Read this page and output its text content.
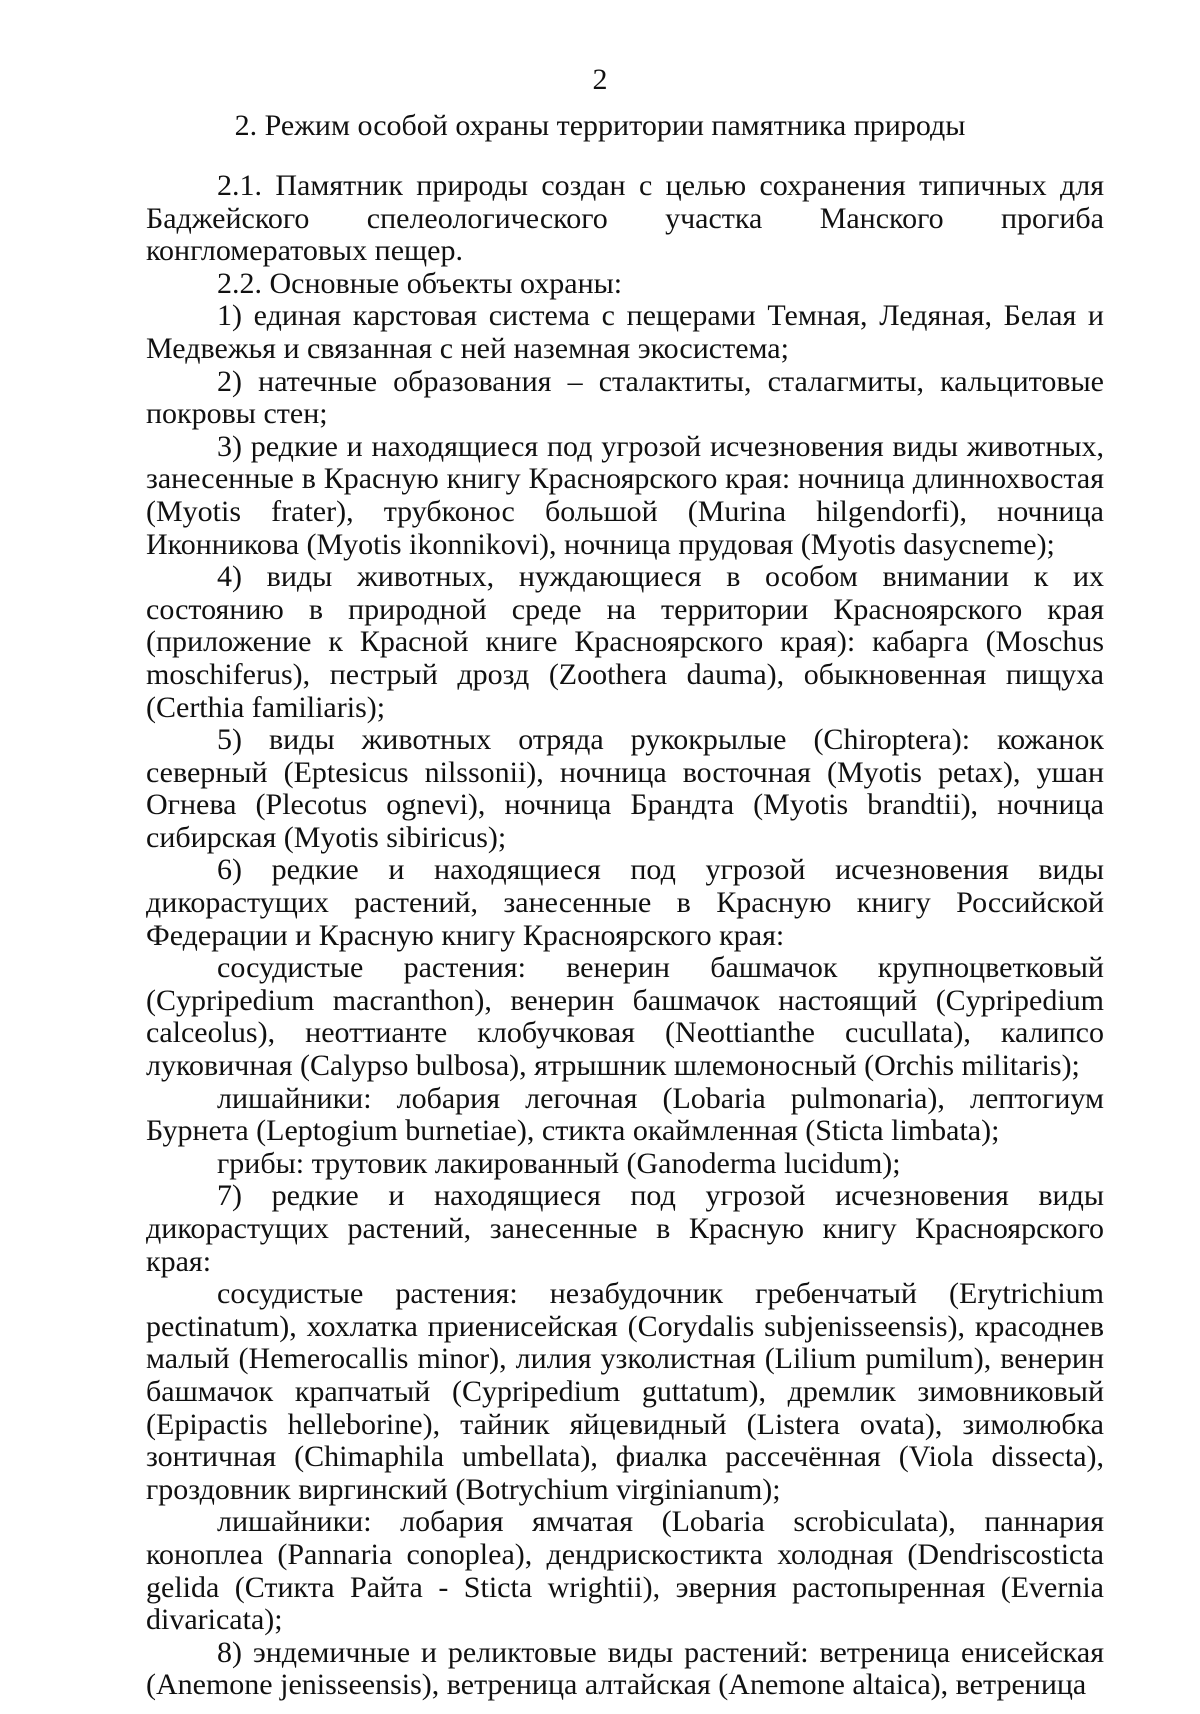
2
2. Режим особой охраны территории памятника природы

2.1. Памятник природы создан с целью сохранения типичных для Баджейского спелеологического участка Манского прогиба конгломератовых пещер.

2.2. Основные объекты охраны:

1) единая карстовая система с пещерами Темная, Ледяная, Белая и Медвежья и связанная с ней наземная экосистема;

2) натечные образования – сталактиты, сталагмиты, кальцитовые покровы стен;

3) редкие и находящиеся под угрозой исчезновения виды животных, занесенные в Красную книгу Красноярского края: ночница длиннохвостая (Myotis frater), трубконос большой (Murina hilgendorfi), ночница Иконникова (Myotis ikonnikovi), ночница прудовая (Myotis dasycneme);

4) виды животных, нуждающиеся в особом внимании к их состоянию в природной среде на территории Красноярского края (приложение к Красной книге Красноярского края): кабарга (Moschus moschiferus), пестрый дрозд (Zoothera dauma), обыкновенная пищуха (Certhia familiaris);

5) виды животных отряда рукокрылые (Chiroptera): кожанок северный (Eptesicus nilssonii), ночница восточная (Myotis petax), ушан Огнева (Plecotus ognevi), ночница Брандта (Myotis brandtii), ночница сибирская (Myotis sibiricus);

6) редкие и находящиеся под угрозой исчезновения виды дикорастущих растений, занесенные в Красную книгу Российской Федерации и Красную книгу Красноярского края:

сосудистые растения: венерин башмачок крупноцветковый (Cypripedium macranthon), венерин башмачок настоящий (Cypripedium calceolus), неоттианте клобучковая (Neottianthe cucullata), калипсо луковичная (Calypso bulbosa), ятрышник шлемоносный (Orchis militaris);

лишайники: лобария легочная (Lobaria pulmonaria), лептогиум Бурнета (Leptogium burnetiae), стикта окаймленная (Sticta limbata);

грибы: трутовик лакированный (Ganoderma lucidum);

7) редкие и находящиеся под угрозой исчезновения виды дикорастущих растений, занесенные в Красную книгу Красноярского края:

сосудистые растения: незабудочник гребенчатый (Erytrichium pectinatum), хохлатка приенисейская (Corydalis subjenisseensis), красоднев малый (Hemerocallis minor), лилия узколистная (Lilium pumilum), венерин башмачок крапчатый (Cypripedium guttatum), дремлик зимовниковый (Epipactis helleborine), тайник яйцевидный (Listera ovata), зимолюбка зонтичная (Chimaphila umbellata), фиалка рассечённая (Viola dissecta), гроздовник виргинский (Botrychium virginianum);

лишайники: лобария ямчатая (Lobaria scrobiculata), паннария коноплеа (Pannaria conoplea), дендрискостикта холодная (Dendriscosticta gelida (Стикта Райта - Sticta wrightii), эверния растопыренная (Evernia divaricata);

8) эндемичные и реликтовые виды растений: ветреница енисейская (Anemone jenisseensis), ветреница алтайская (Anemone altaica), ветреница
